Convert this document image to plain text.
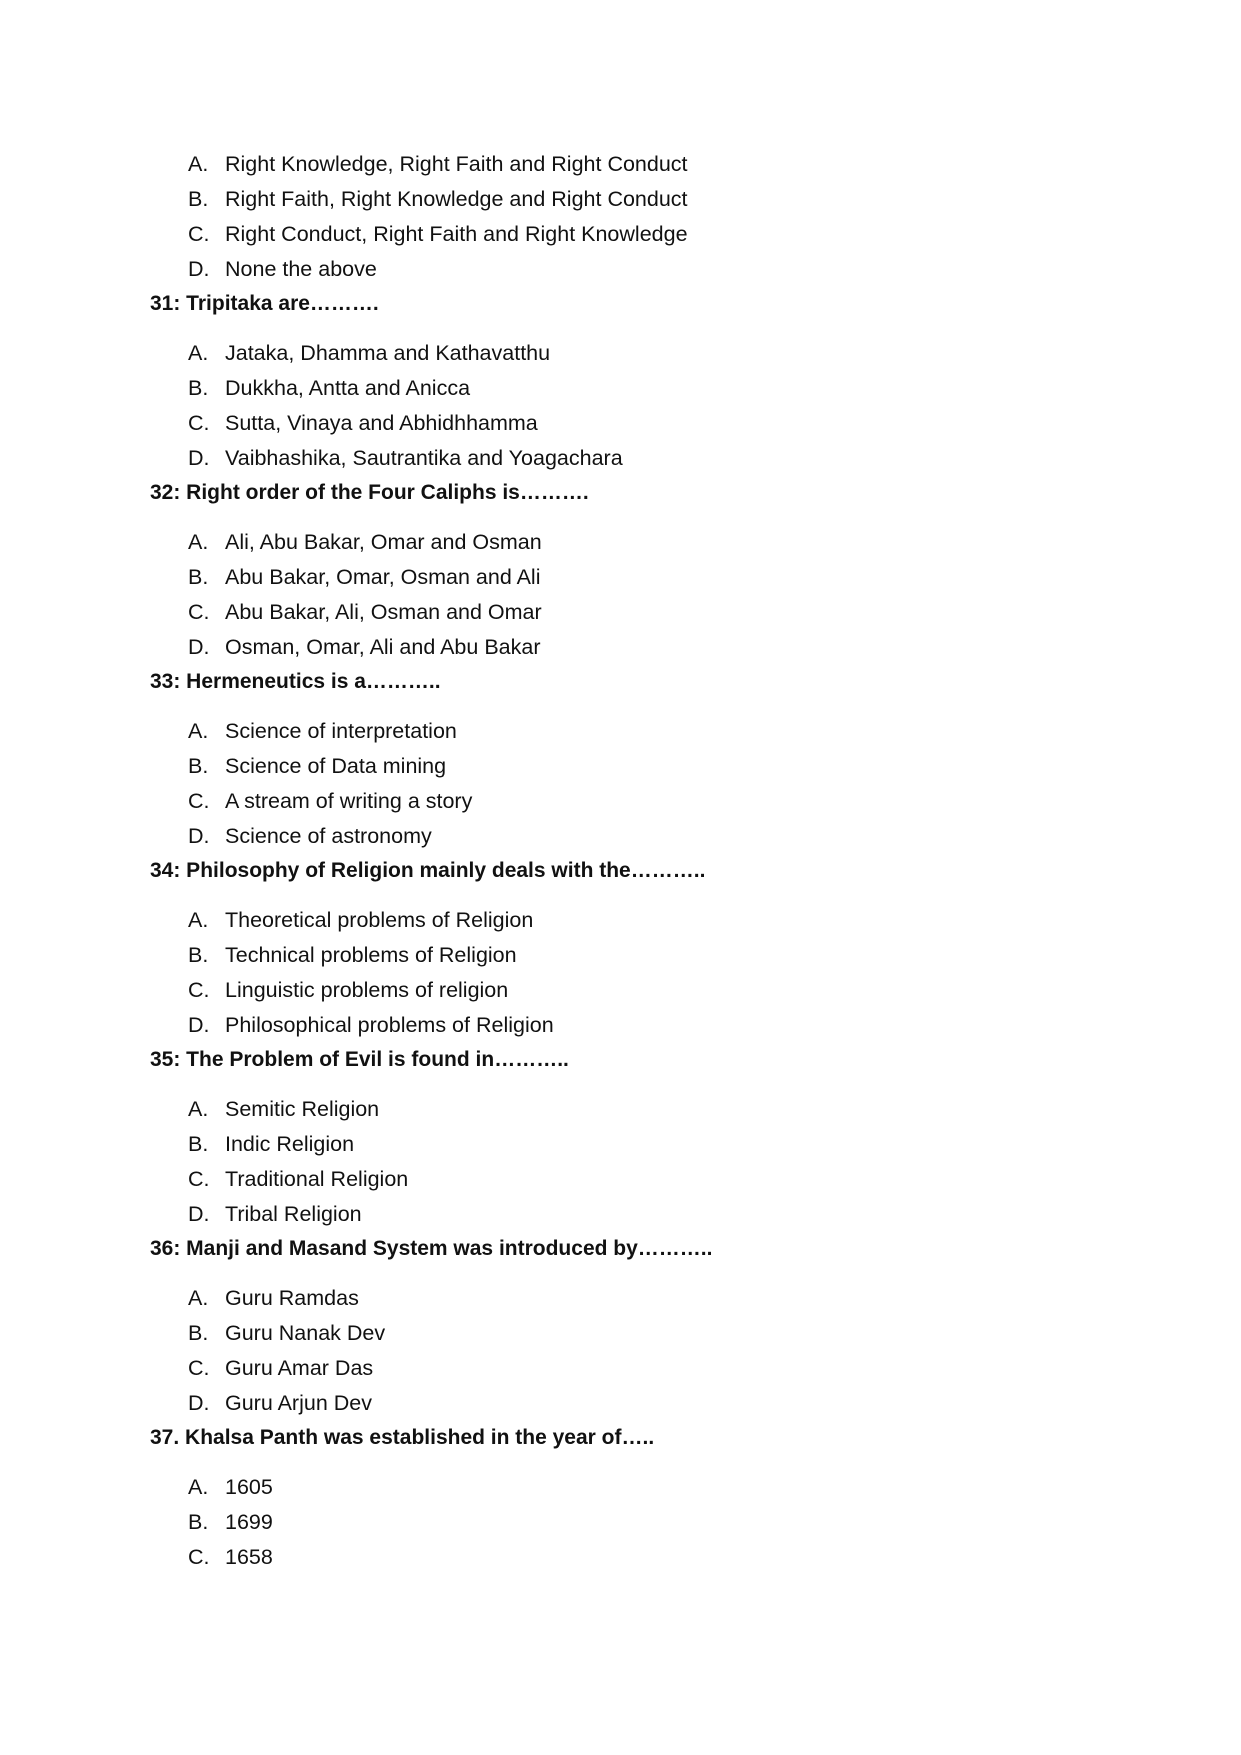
A. Right Knowledge, Right Faith and Right Conduct
B. Right Faith, Right Knowledge and Right Conduct
C. Right Conduct, Right Faith and Right Knowledge
D. None the above
31: Tripitaka are……….
A. Jataka, Dhamma and Kathavatthu
B. Dukkha, Antta and Anicca
C. Sutta, Vinaya and Abhidhhamma
D. Vaibhashika, Sautrantika and Yoagachara
32: Right order of the Four Caliphs is……….
A. Ali, Abu Bakar, Omar and Osman
B. Abu Bakar, Omar, Osman and Ali
C. Abu Bakar, Ali, Osman and Omar
D. Osman, Omar, Ali and Abu Bakar
33: Hermeneutics is a………..
A. Science of interpretation
B. Science of Data mining
C. A stream of writing a story
D. Science of astronomy
34: Philosophy of Religion mainly deals with the………..
A. Theoretical problems of Religion
B. Technical problems of Religion
C. Linguistic problems of religion
D. Philosophical problems of Religion
35: The Problem of Evil is found in………..
A. Semitic Religion
B. Indic Religion
C. Traditional Religion
D. Tribal Religion
36: Manji and Masand System was introduced by………..
A. Guru Ramdas
B. Guru Nanak Dev
C. Guru Amar Das
D. Guru Arjun Dev
37. Khalsa Panth was established in the year of…..
A. 1605
B. 1699
C. 1658
